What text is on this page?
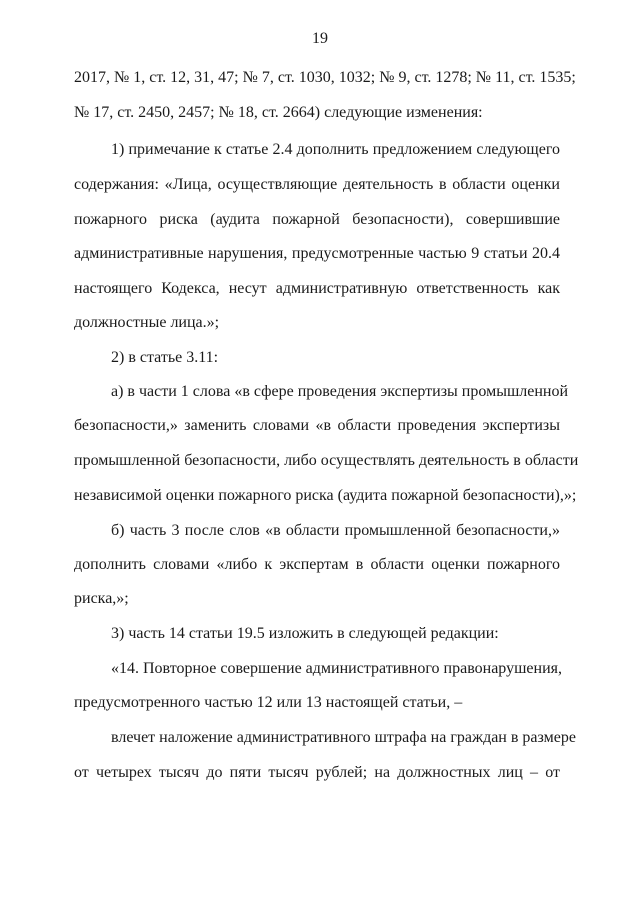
19
2017, № 1, ст. 12, 31, 47; № 7, ст. 1030, 1032; № 9, ст. 1278; № 11, ст. 1535;
№ 17, ст. 2450, 2457; № 18, ст. 2664) следующие изменения:
1) примечание к статье 2.4 дополнить предложением следующего
содержания: «Лица, осуществляющие деятельность в области оценки
пожарного риска (аудита пожарной безопасности), совершившие
административные нарушения, предусмотренные частью 9 статьи 20.4
настоящего Кодекса, несут административную ответственность как
должностные лица.»;
2) в статье 3.11:
а) в части 1 слова «в сфере проведения экспертизы промышленной
безопасности,» заменить словами «в области проведения экспертизы
промышленной безопасности, либо осуществлять деятельность в области
независимой оценки пожарного риска (аудита пожарной безопасности),»;
б) часть 3 после слов «в области промышленной безопасности,»
дополнить словами «либо к экспертам в области оценки пожарного
риска,»;
3) часть 14 статьи 19.5 изложить в следующей редакции:
«14. Повторное совершение административного правонарушения,
предусмотренного частью 12 или 13 настоящей статьи, –
влечет наложение административного штрафа на граждан в размере
от четырех тысяч до пяти тысяч рублей; на должностных лиц – от
